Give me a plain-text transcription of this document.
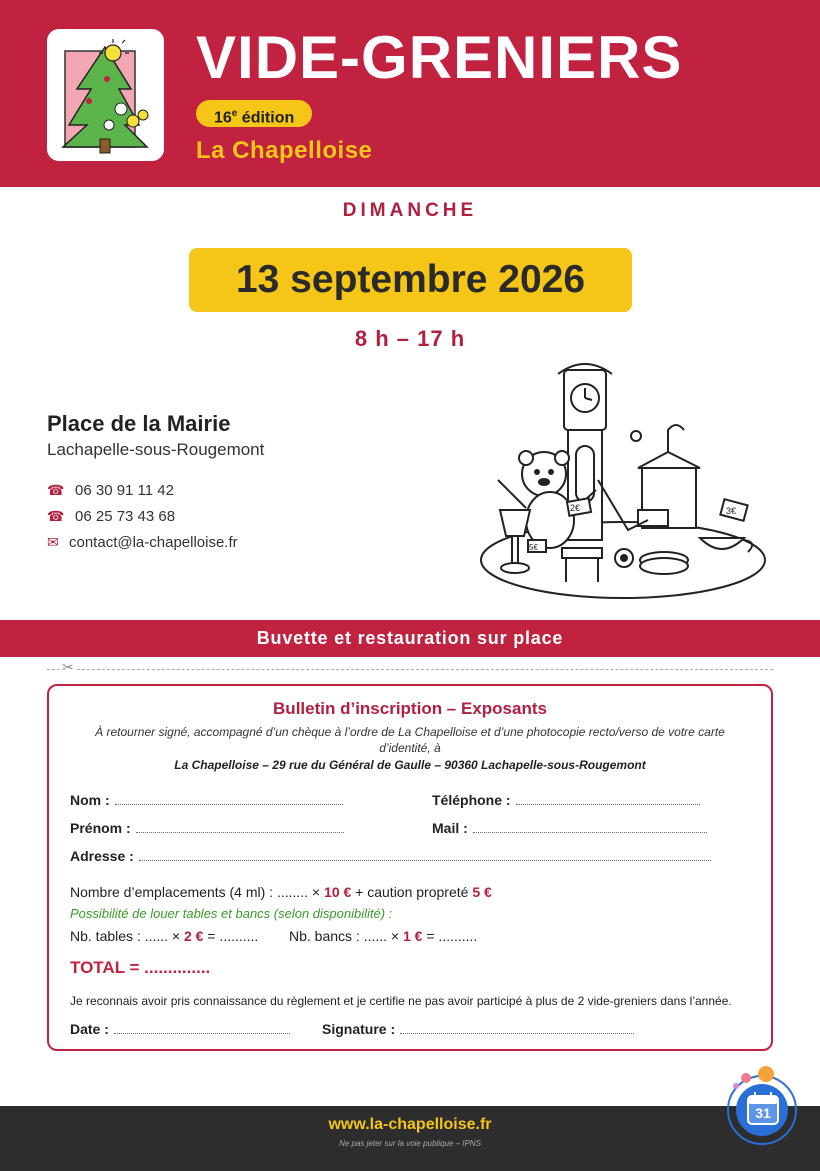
VIDE-GRENIERS
16e édition
La Chapelloise
DIMANCHE
13 septembre 2026
8 h – 17 h
Place de la Mairie
Lachapelle-sous-Rougemont
☎ 06 30 91 11 42
☎ 06 25 73 43 68
✉ contact@la-chapelloise.fr
2€	3€
5€
Buvette et restauration sur place
✂
Bulletin d’inscription – Exposants
À retourner signé, accompagné d’un chèque à l’ordre de La Chapelloise et d’une photocopie recto/verso de votre carte d’identité, à
La Chapelloise – 29 rue du Général de Gaulle – 90360 Lachapelle-sous-Rougemont
Nom :	Téléphone :
Prénom :	Mail :
Adresse :
Nombre d’emplacements (4 ml) : ........ × 10 € + caution propreté 5 €
Possibilité de louer tables et bancs (selon disponibilité) :
Nb. tables : ...... × 2 € = .......... Nb. bancs : ...... × 1 € = ..........
TOTAL = ..............
Je reconnais avoir pris connaissance du règlement et je certifie ne pas avoir participé à plus de 2 vide-greniers dans l’année.
Date :	Signature :
www.la-chapelloise.fr
Ne pas jeter sur la voie publique – IPNS
31
